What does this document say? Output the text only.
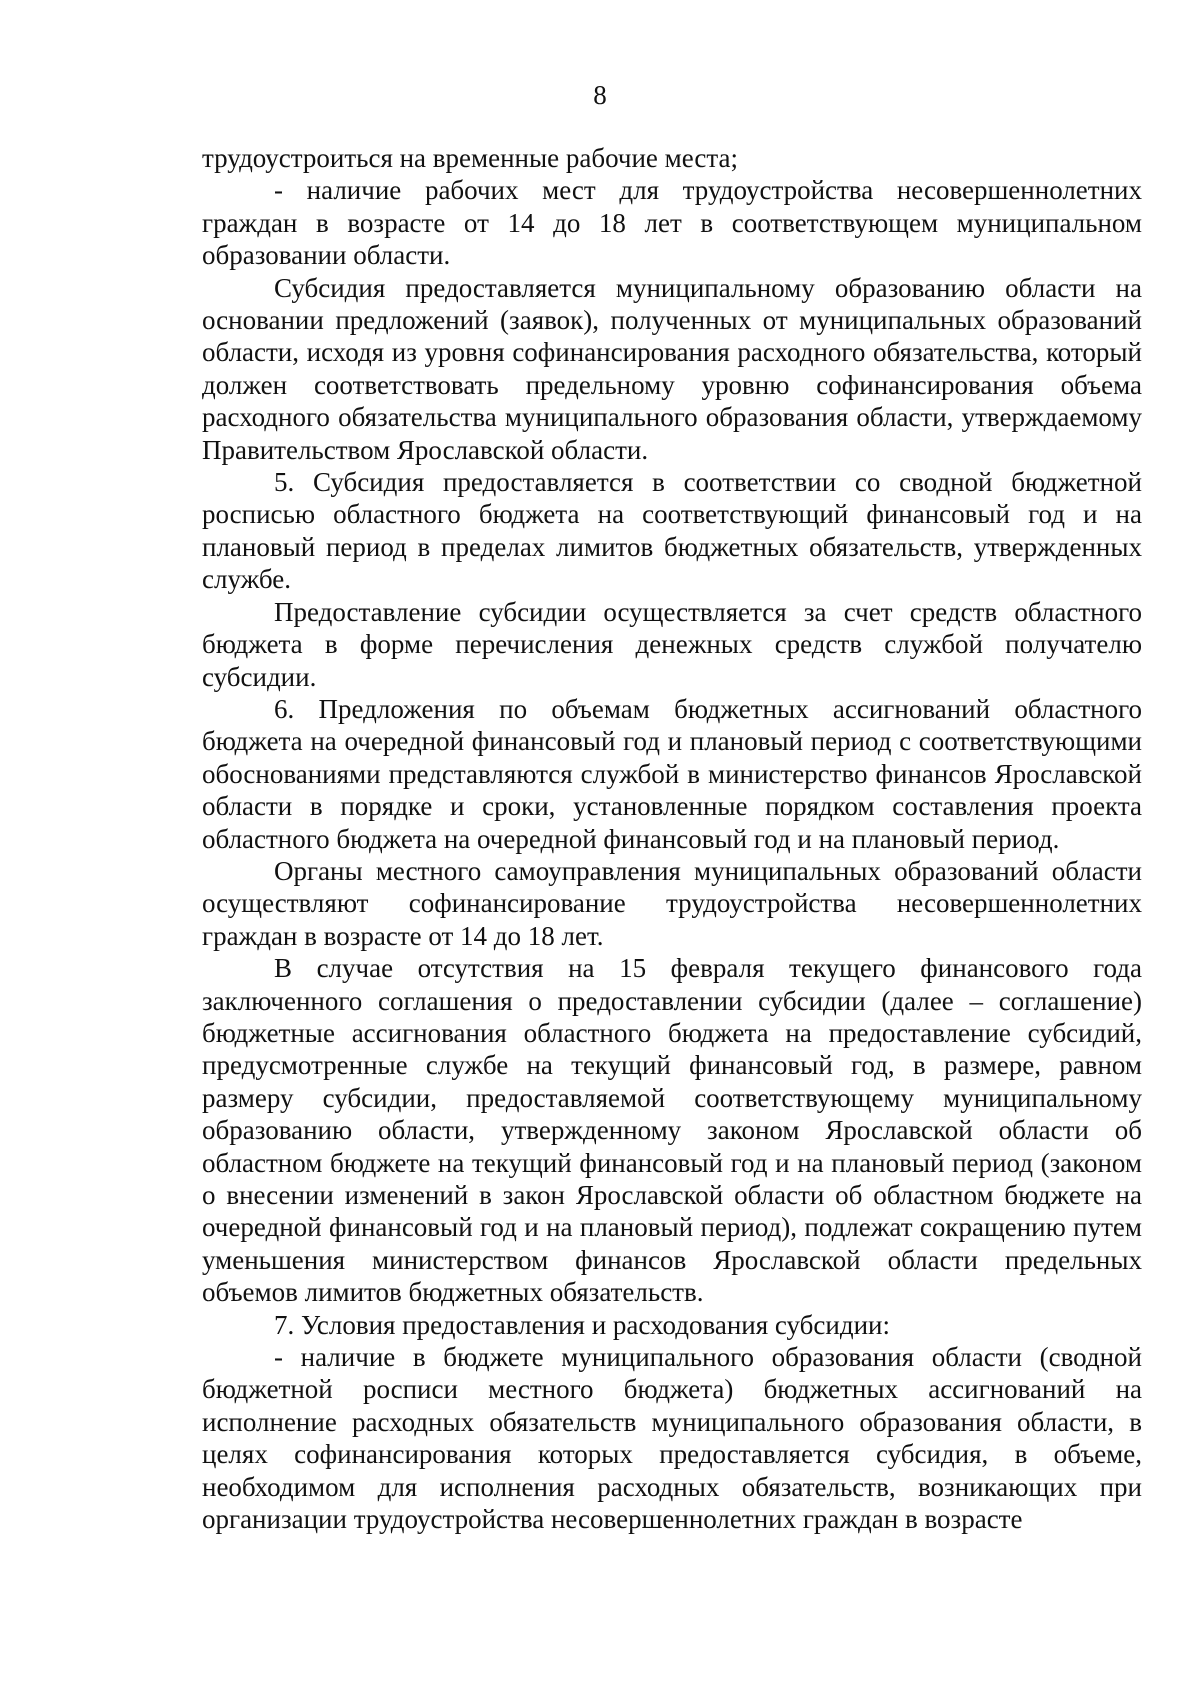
8

трудоустроиться на временные рабочие места;

- наличие рабочих мест для трудоустройства несовершеннолетних граждан в возрасте от 14 до 18 лет в соответствующем муниципальном образовании области.

Субсидия предоставляется муниципальному образованию области на основании предложений (заявок), полученных от муниципальных образований области, исходя из уровня софинансирования расходного обязательства, который должен соответствовать предельному уровню софинансирования объема расходного обязательства муниципального образования области, утверждаемому Правительством Ярославской области.

5. Субсидия предоставляется в соответствии со сводной бюджетной росписью областного бюджета на соответствующий финансовый год и на плановый период в пределах лимитов бюджетных обязательств, утвержденных службе.

Предоставление субсидии осуществляется за счет средств областного бюджета в форме перечисления денежных средств службой получателю субсидии.

6. Предложения по объемам бюджетных ассигнований областного бюджета на очередной финансовый год и плановый период с соответствующими обоснованиями представляются службой в министерство финансов Ярославской области в порядке и сроки, установленные порядком составления проекта областного бюджета на очередной финансовый год и на плановый период.

Органы местного самоуправления муниципальных образований области осуществляют софинансирование трудоустройства несовершеннолетних граждан в возрасте от 14 до 18 лет.

В случае отсутствия на 15 февраля текущего финансового года заключенного соглашения о предоставлении субсидии (далее – соглашение) бюджетные ассигнования областного бюджета на предоставление субсидий, предусмотренные службе на текущий финансовый год, в размере, равном размеру субсидии, предоставляемой соответствующему муниципальному образованию области, утвержденному законом Ярославской области об областном бюджете на текущий финансовый год и на плановый период (законом о внесении изменений в закон Ярославской области об областном бюджете на очередной финансовый год и на плановый период), подлежат сокращению путем уменьшения министерством финансов Ярославской области предельных объемов лимитов бюджетных обязательств.

7. Условия предоставления и расходования субсидии:

- наличие в бюджете муниципального образования области (сводной бюджетной росписи местного бюджета) бюджетных ассигнований на исполнение расходных обязательств муниципального образования области, в целях софинансирования которых предоставляется субсидия, в объеме, необходимом для исполнения расходных обязательств, возникающих при организации трудоустройства несовершеннолетних граждан в возрасте
